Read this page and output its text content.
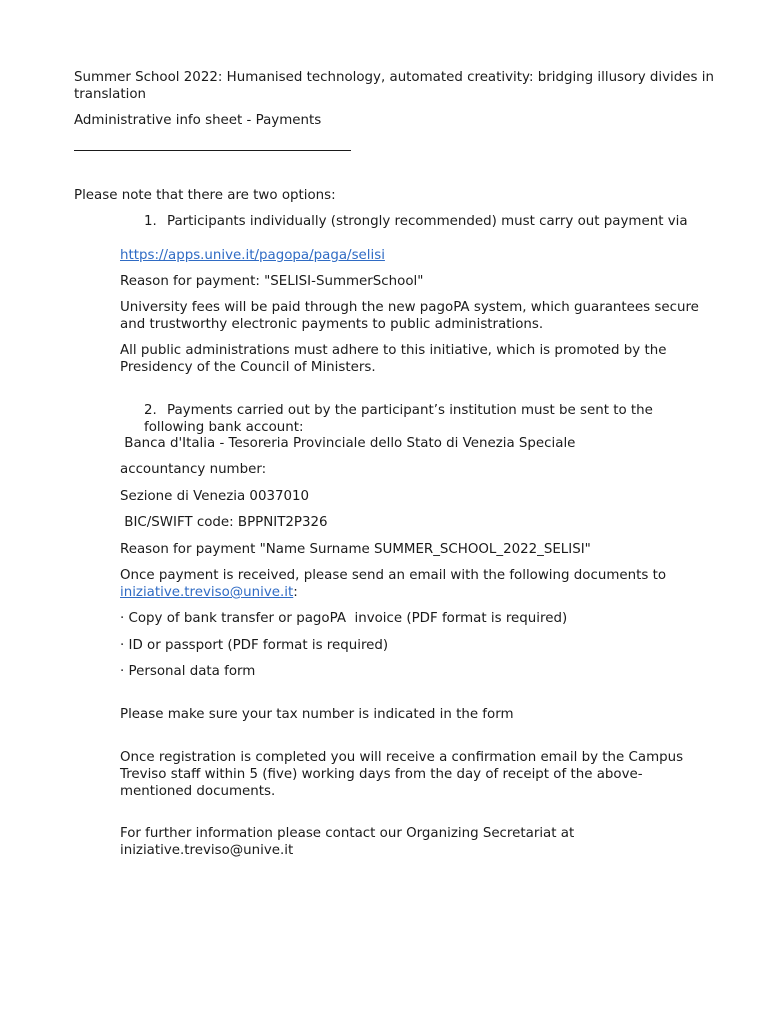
Summer School 2022: Humanised technology, automated creativity: bridging illusory divides in translation

Administrative info sheet - Payments

Please note that there are two options:

1. Participants individually (strongly recommended) must carry out payment via

https://apps.unive.it/pagopa/paga/selisi

Reason for payment: "SELISI-SummerSchool"

University fees will be paid through the new pagoPA system, which guarantees secure and trustworthy electronic payments to public administrations.

All public administrations must adhere to this initiative, which is promoted by the Presidency of the Council of Ministers.

2. Payments carried out by the participant’s institution must be sent to the following bank account:

Banca d'Italia - Tesoreria Provinciale dello Stato di Venezia Speciale

accountancy number:

Sezione di Venezia 0037010

BIC/SWIFT code: BPPNIT2P326

Reason for payment "Name Surname SUMMER_SCHOOL_2022_SELISI"

Once payment is received, please send an email with the following documents to iniziative.treviso@unive.it:

· Copy of bank transfer or pagoPA  invoice (PDF format is required)

· ID or passport (PDF format is required)

· Personal data form

Please make sure your tax number is indicated in the form

Once registration is completed you will receive a confirmation email by the Campus Treviso staff within 5 (five) working days from the day of receipt of the above-mentioned documents.

For further information please contact our Organizing Secretariat at iniziative.treviso@unive.it
